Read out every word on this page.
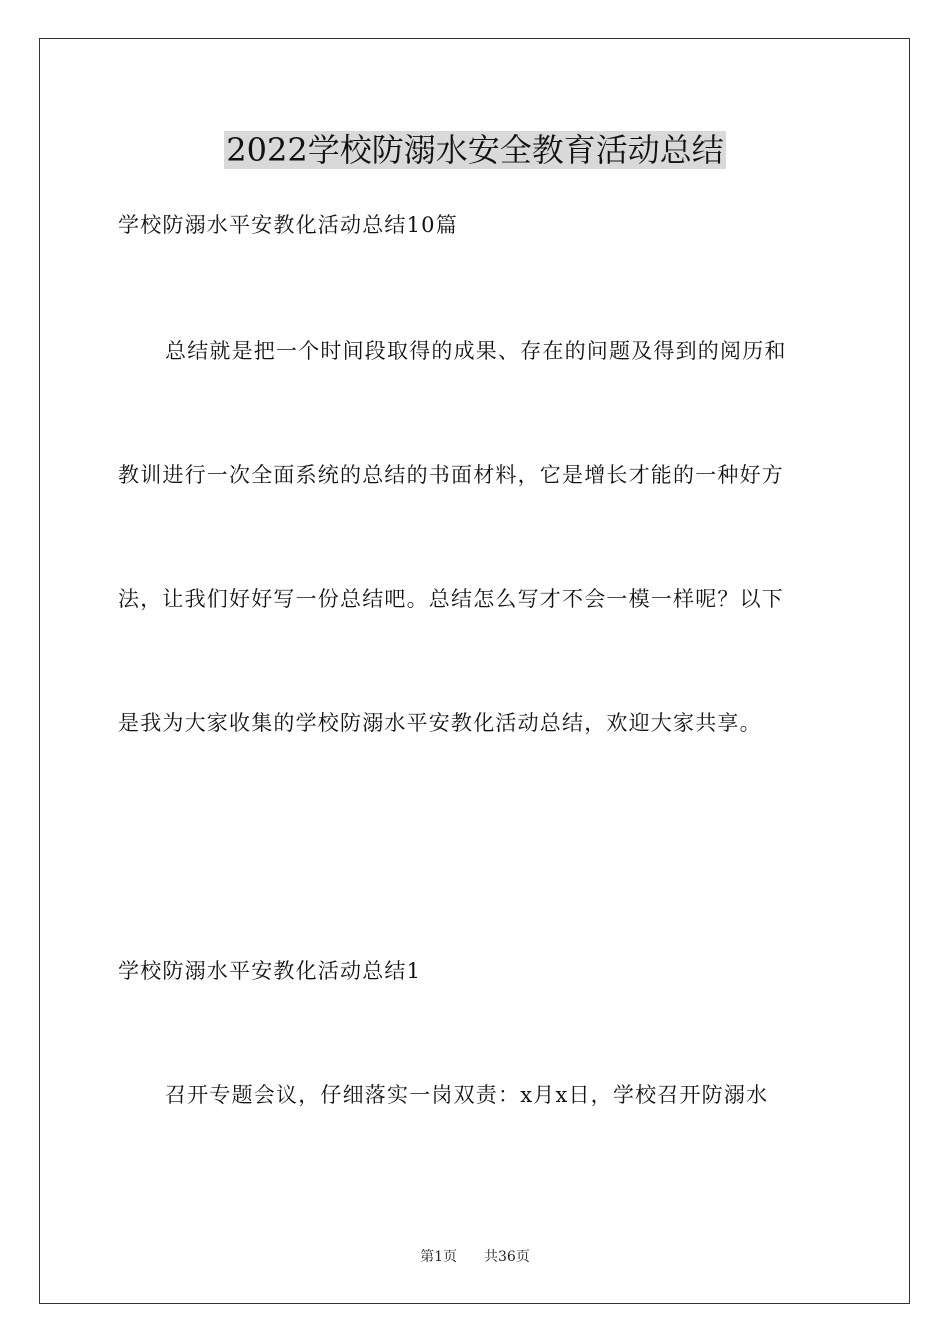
2022学校防溺水安全教育活动总结
学校防溺水平安教化活动总结10篇
总结就是把一个时间段取得的成果、存在的问题及得到的阅历和
教训进行一次全面系统的总结的书面材料，它是增长才能的一种好方
法，让我们好好写一份总结吧。总结怎么写才不会一模一样呢？以下
是我为大家收集的学校防溺水平安教化活动总结，欢迎大家共享。
学校防溺水平安教化活动总结1
召开专题会议，仔细落实一岗双责：x月x日，学校召开防溺水
第1页 共36页
